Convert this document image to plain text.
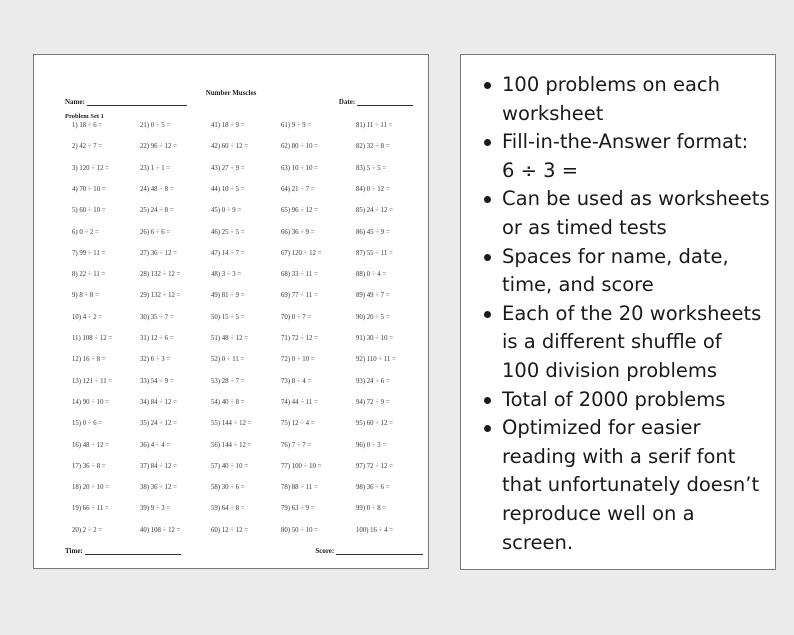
Number Muscles
Name:	Date:
Problem Set 1
1) 18 ÷ 6 =
2) 42 ÷ 7 =
3) 120 ÷ 12 =
4) 70 ÷ 10 =
5) 60 ÷ 10 =
6) 0 ÷ 2 =
7) 99 ÷ 11 =
8) 22 ÷ 11 =
9) 8 ÷ 8 =
10) 4 ÷ 2 =
11) 108 ÷ 12 =
12) 16 ÷ 8 =
13) 121 ÷ 11 =
14) 90 ÷ 10 =
15) 0 ÷ 6 =
16) 48 ÷ 12 =
17) 36 ÷ 8 =
18) 20 ÷ 10 =
19) 66 ÷ 11 =
20) 2 ÷ 2 =
21) 0 ÷ 5 =
22) 96 ÷ 12 =
23) 1 ÷ 1 =
24) 48 ÷ 8 =
25) 24 ÷ 8 =
26) 6 ÷ 6 =
27) 36 ÷ 12 =
28) 132 ÷ 12 =
29) 132 ÷ 12 =
30) 35 ÷ 7 =
31) 12 ÷ 6 =
32) 6 ÷ 3 =
33) 54 ÷ 9 =
34) 84 ÷ 12 =
35) 24 ÷ 12 =
36) 4 ÷ 4 =
37) 84 ÷ 12 =
38) 36 ÷ 12 =
39) 9 ÷ 3 =
40) 108 ÷ 12 =
41) 18 ÷ 9 =
42) 60 ÷ 12 =
43) 27 ÷ 9 =
44) 10 ÷ 5 =
45) 0 ÷ 9 =
46) 25 ÷ 5 =
47) 14 ÷ 7 =
48) 3 ÷ 3 =
49) 81 ÷ 9 =
50) 15 ÷ 5 =
51) 48 ÷ 12 =
52) 0 ÷ 11 =
53) 28 ÷ 7 =
54) 40 ÷ 8 =
55) 144 ÷ 12 =
56) 144 ÷ 12 =
57) 40 ÷ 10 =
58) 30 ÷ 6 =
59) 64 ÷ 8 =
60) 12 ÷ 12 =
61) 9 ÷ 9 =
62) 80 ÷ 10 =
63) 10 ÷ 10 =
64) 21 ÷ 7 =
65) 96 ÷ 12 =
66) 36 ÷ 9 =
67) 120 ÷ 12 =
68) 33 ÷ 11 =
69) 77 ÷ 11 =
70) 0 ÷ 7 =
71) 72 ÷ 12 =
72) 0 ÷ 10 =
73) 8 ÷ 4 =
74) 44 ÷ 11 =
75) 12 ÷ 4 =
76) 7 ÷ 7 =
77) 100 ÷ 10 =
78) 88 ÷ 11 =
79) 63 ÷ 9 =
80) 50 ÷ 10 =
81) 11 ÷ 11 =
82) 32 ÷ 8 =
83) 5 ÷ 5 =
84) 0 ÷ 12 =
85) 24 ÷ 12 =
86) 45 ÷ 9 =
87) 55 ÷ 11 =
88) 0 ÷ 4 =
89) 49 ÷ 7 =
90) 20 ÷ 5 =
91) 30 ÷ 10 =
92) 110 ÷ 11 =
93) 24 ÷ 6 =
94) 72 ÷ 9 =
95) 60 ÷ 12 =
96) 0 ÷ 3 =
97) 72 ÷ 12 =
98) 36 ÷ 6 =
99) 0 ÷ 8 =
100) 16 ÷ 4 =
Time:	Score:
100 problems on each
worksheet
Fill-in-the-Answer format:
6 ÷ 3 =
Can be used as worksheets
or as timed tests
Spaces for name, date,
time, and score
Each of the 20 worksheets
is a different shuffle of
100 division problems
Total of 2000 problems
Optimized for easier
reading with a serif font
that unfortunately doesn’t
reproduce well on a
screen.
